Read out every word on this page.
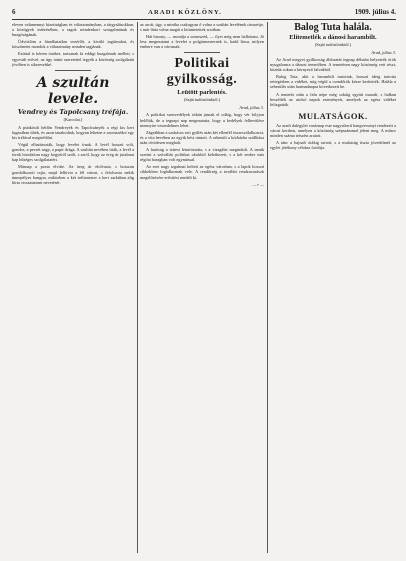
6	ARADI KÖZLÖNY.	1909. július 4.

eleven valamennyi bizottságban és választmányban, a tárgyalásokban, a közügyek intézésében, a tagok mindenkori szorgalmának és buzgóságának.

Üdvözlöm a fáradhatatlan vezérlőt, a kiváló tagtársakat, és köszönetet mondok a választmány minden tagjának.

Ezúttal is kérem önöket, tartsanak ki eddigi buzgalmuk mellett, s egyesült erővel, az ügy iránti szeretettel tegyék a közösség szolgálatát jövőben is sikeresebbé.

A szultán levele.
Vendrey és Tapolcsany tréfája.
(Karcolat.)

A pünkösdi hétfőn Vendreyék és Tapolcsányék a régi kis kert lugasában ültek, és azon tanakodtak, hogyan lehetne a szomszédot egy kis tréfával megtréfálni.

Végül elhatározták, hogy levelet írnak. A levél hosszú volt, gondos, a pecsét nagy, a papír drága. A szultán nevében írták, a levél a török birodalom nagy kegyéről szólt, s arról, hogy az öreg úr jutalmat kap hűséges szolgálataiért.

Másnap a posta elvitte. Az öreg úr elolvasta, s hosszan gondolkozott rajta, majd felhívta a fél várost, s felolvasta nekik ünnepélyes hangon, miközben a két tréfamester a kert sarkában alig bírta visszatartani nevetését.

az arcát, úgy, a mintha csakugyan ő volna a szultán levelének címzettje, s már látta volna magát a kitüntetettek sorában.

Hát bizony, — mondja a szomszéd, — ilyet még nem hallottam. Jó lesz megmutatni a levelet a polgármesternek is, hadd lássa, milyen embere van a városnak.

Politikai gyilkosság.
Leütött parlentés.
(Saját tudósítónktól.)
Arad, július 3.

A politikai szenvedélyek ritkán jutnak el odáig, hogy vér folyjon belőlük, de a tegnapi nap megmutatta, hogy a kedélyek felhevülése mennyire veszedelmes lehet.

Zágrábban a szokásos esti gyűlés után két ellenfél összeszólalkozott, és a vita hevében az egyik kést rántott. A sebesült a kórházba szállítása után rövidesen meghalt.

A hatóság a tettest letartóztatta, s a vizsgálat megindult. A tanúk szerint a szóváltás politikai okokból keletkezett, s a két ember már régóta haragban volt egymással.

Az eset nagy izgalmat keltett az egész városban, s a lapok hosszú cikkekben foglalkoznak vele. A rendőrség a további rendzavarások megelőzésére erősítést rendelt ki.

— r —
Balog Tuta halála.
Elitemetlék a dánosi harambilt.
(Saját tudósítónktól.)
Arad, július 3.

Az Arad megyei gyilkosság áldozatát tegnap délután helyezték örök nyugalomra a dánosi temetőben. A temetésen nagy közönség vett részt, köztük sokan a környező falvakból.

Balog Tuta, akit a harambilt tartottak, hosszú ideig tartotta rettegésben a vidéket, míg végül a csendőrök kézre kerítették. Halála a sebesülés után harmadnapra következett be.

A temetés után a falu népe még sokáig együtt maradt, s halkan beszélték az utolsó napok eseményeit, amelyek az egész vidéket felizgatták.

MULATSÁGOK.

Az aradi dalegylet vasárnap este nagysikerű hangversenyt rendezett a városi kertben, amelyen a közönség szépszámmal jelent meg. A műsor minden száma tetszést aratott.

A tánc a hajnali órákig tartott, s a mulatság tiszta jövedelmét az egylet jótékony célokra fordítja.
